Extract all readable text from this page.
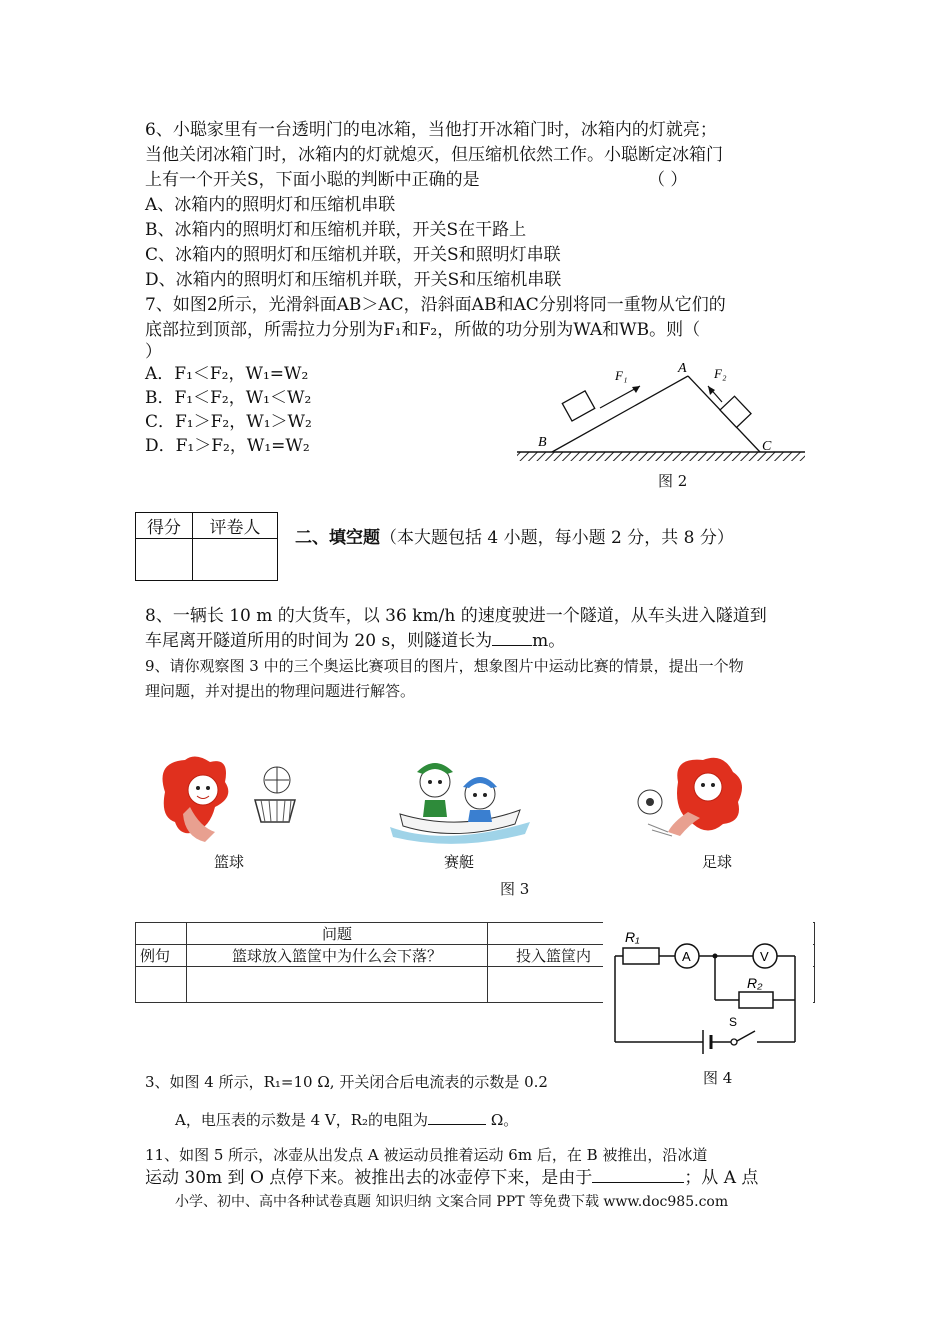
6、小聪家里有一台透明门的电冰箱，当他打开冰箱门时，冰箱内的灯就亮；
当他关闭冰箱门时，冰箱内的灯就熄灭，但压缩机依然工作。小聪断定冰箱门
上有一个开关S，下面小聪的判断中正确的是	（ ）
A、冰箱内的照明灯和压缩机串联
B、冰箱内的照明灯和压缩机并联，开关S在干路上
C、冰箱内的照明灯和压缩机并联，开关S和照明灯串联
D、冰箱内的照明灯和压缩机并联，开关S和压缩机串联
7、如图2所示，光滑斜面AB＞AC，沿斜面AB和AC分别将同一重物从它们的
底部拉到顶部，所需拉力分别为F₁和F₂，所做的功分别为WA和WB。则（
）
A．F₁＜F₂，W₁=W₂
B．F₁＜F₂，W₁＜W₂
C．F₁＞F₂，W₁＞W₂
D．F₁＞F₂，W₁=W₂
A
B	C
F₁	F₂
图 2
得分	评卷人
	二、填空题（本大题包括 4 小题，每小题 2 分，共 8 分）
8、一辆长 10 m 的大货车，以 36 km/h 的速度驶进一个隧道，从车头进入隧道到
车尾离开隧道所用的时间为 20 s，则隧道长为 m。
9、请你观察图 3 中的三个奥运比赛项目的图片，想象图片中运动比赛的情景，提出一个物
理问题，并对提出的物理问题进行解答。
篮球	赛艇	足球
图 3
	问题	
例句	篮球放入篮筐中为什么会下落？	投入篮筐内
			A	V
R₁
R₂
S
图 4
3、如图 4 所示，R₁=10 Ω, 开关闭合后电流表的示数是 0.2
A，电压表的示数是 4 V，R₂的电阻为	Ω。
11、如图 5 所示，冰壶从出发点 A 被运动员推着运动 6m 后，在 B 被推出，沿冰道
运动 30m 到 O 点停下来。被推出去的冰壶停下来，是由于	；从 A 点
小学、初中、高中各种试卷真题 知识归纳 文案合同 PPT 等免费下载 www.doc985.com
